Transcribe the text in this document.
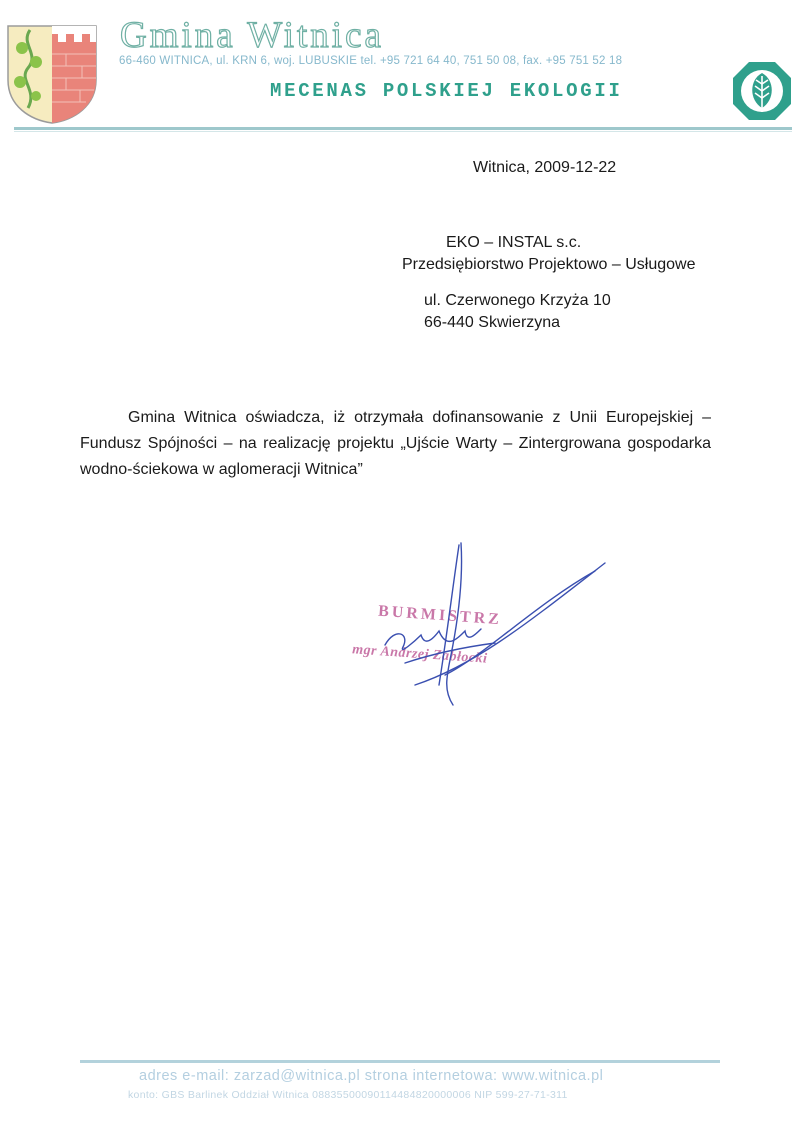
Gmina Witnica
66-460 WITNICA, ul. KRN 6, woj. LUBUSKIE tel. +95 721 64 40, 751 50 08, fax. +95 751 52 18
MECENAS POLSKIEJ EKOLOGII
Witnica, 2009-12-22
EKO – INSTAL s.c.
Przedsiębiorstwo Projektowo – Usługowe
ul. Czerwonego Krzyża 10
66-440 Skwierzyna
Gmina Witnica oświadcza, iż otrzymała dofinansowanie z Unii Europejskiej – Fundusz Spójności – na realizację projektu „Ujście Warty – Zintergrowana gospodarka wodno-ściekowa w aglomeracji Witnica”
BURMISTRZ
mgr Andrzej Zabłocki
adres e-mail: zarzad@witnica.pl strona internetowa: www.witnica.pl
konto: GBS Barlinek Oddział Witnica 08835500090114484820000006 NIP 599-27-71-311
